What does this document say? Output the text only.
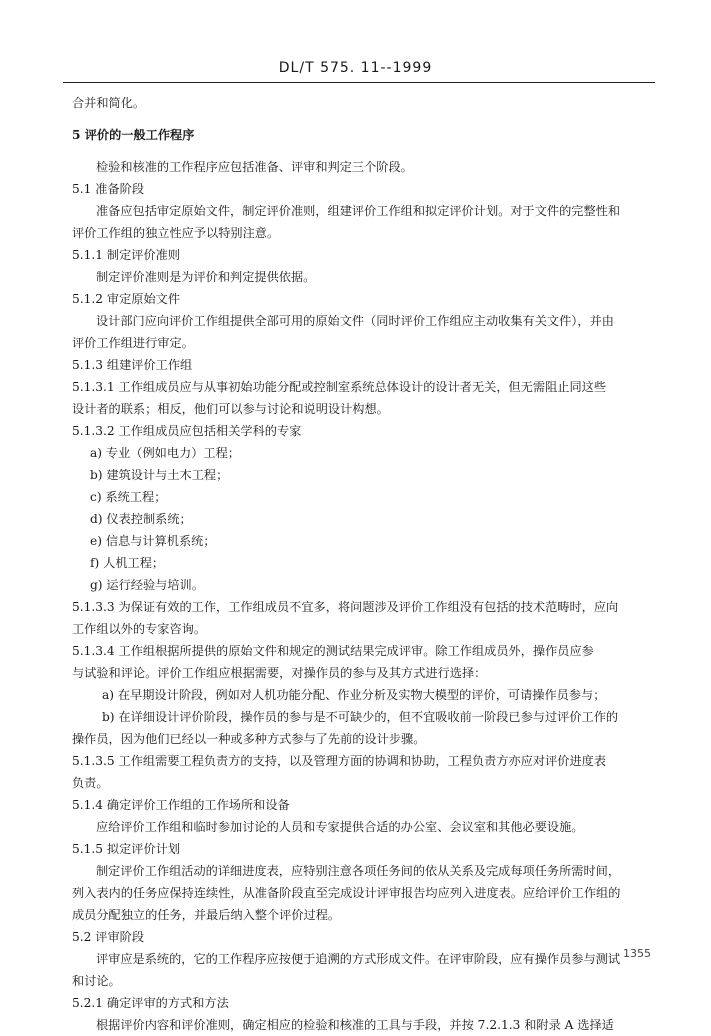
DL/T 575. 11--1999
合并和简化。
5 评价的一般工作程序
检验和核准的工作程序应包括准备、评审和判定三个阶段。
5.1 准备阶段
准备应包括审定原始文件，制定评价准则，组建评价工作组和拟定评价计划。对于文件的完整性和
评价工作组的独立性应予以特别注意。
5.1.1 制定评价准则
制定评价准则是为评价和判定提供依据。
5.1.2 审定原始文件
设计部门应向评价工作组提供全部可用的原始文件（同时评价工作组应主动收集有关文件），并由
评价工作组进行审定。
5.1.3 组建评价工作组
5.1.3.1 工作组成员应与从事初始功能分配或控制室系统总体设计的设计者无关，但无需阻止同这些
设计者的联系；相反，他们可以参与讨论和说明设计构想。
5.1.3.2 工作组成员应包括相关学科的专家
a) 专业（例如电力）工程；
b) 建筑设计与土木工程；
c) 系统工程；
d) 仪表控制系统；
e) 信息与计算机系统；
f) 人机工程；
g) 运行经验与培训。
5.1.3.3 为保证有效的工作，工作组成员不宜多，将问题涉及评价工作组没有包括的技术范畴时，应向
工作组以外的专家咨询。
5.1.3.4 工作组根据所提供的原始文件和规定的测试结果完成评审。除工作组成员外，操作员应参
与试验和评论。评价工作组应根据需要，对操作员的参与及其方式进行选择：
a) 在早期设计阶段，例如对人机功能分配、作业分析及实物大模型的评价，可请操作员参与；
b) 在详细设计评价阶段，操作员的参与是不可缺少的，但不宜吸收前一阶段已参与过评价工作的
操作员，因为他们已经以一种或多种方式参与了先前的设计步骤。
5.1.3.5 工作组需要工程负责方的支持，以及管理方面的协调和协助，工程负责方亦应对评价进度表
负责。
5.1.4 确定评价工作组的工作场所和设备
应给评价工作组和临时参加讨论的人员和专家提供合适的办公室、会议室和其他必要设施。
5.1.5 拟定评价计划
制定评价工作组活动的详细进度表，应特别注意各项任务间的依从关系及完成每项任务所需时间，
列入表内的任务应保持连续性，从准备阶段直至完成设计评审报告均应列入进度表。应给评价工作组的
成员分配独立的任务，并最后纳入整个评价过程。
5.2 评审阶段
评审应是系统的，它的工作程序应按便于追溯的方式形成文件。在评审阶段，应有操作员参与测试
和讨论。
5.2.1 确定评审的方式和方法
根据评价内容和评价准则，确定相应的检验和核准的工具与手段，并按 7.2.1.3 和附录 A 选择适
1355
